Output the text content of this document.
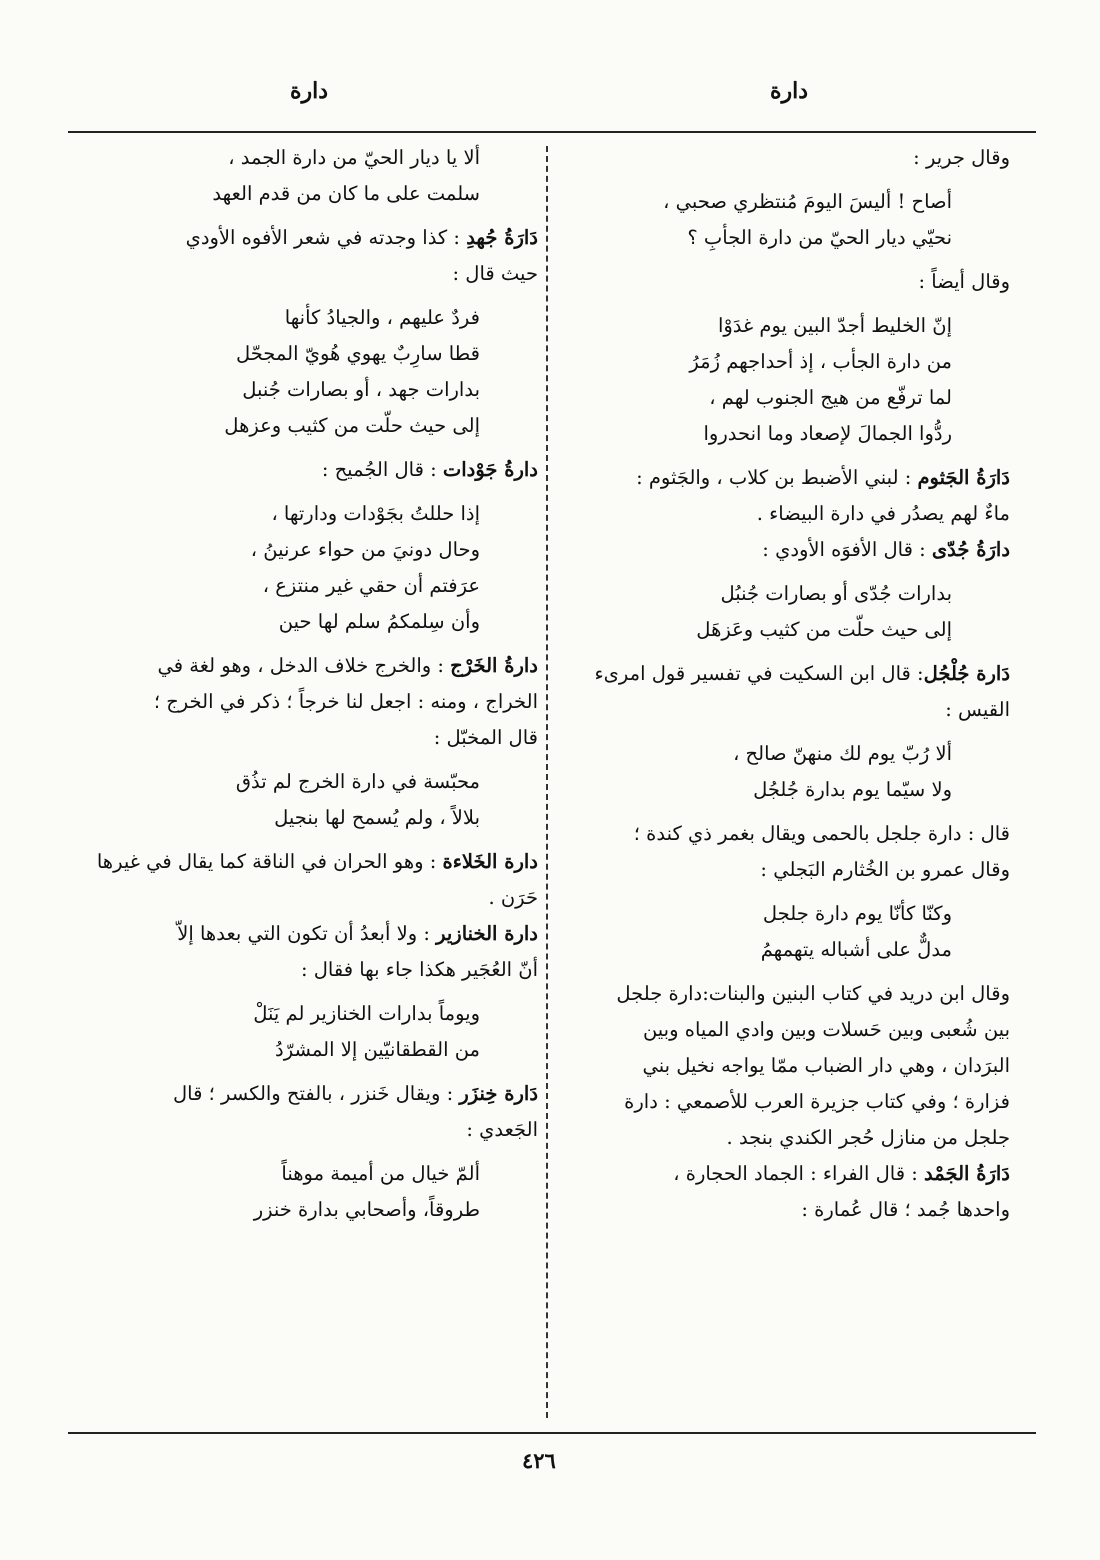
دارة
دارة

وقال جرير :

أصاح ! أليسَ اليومَ مُنتظري صحبي ،

نحيّي ديار الحيّ من دارة الجأبِ ؟

وقال أيضاً :

إنّ الخليط أجدّ البين يوم غدَوْا

من دارة الجأب ، إذ أحداجهم زُمَرُ

لما ترفّع من هيج الجنوب لهم ،

ردُّوا الجمالَ لإصعاد وما انحدروا

دَارَةُ الجَثوم : لبني الأضبط بن كلاب ، والجَثوم :

ماءٌ لهم يصدُر في دارة البيضاء .

دارَةُ جُدّى : قال الأفوَه الأودي :

بدارات جُدّى أو بصارات جُنبُل

إلى حيث حلّت من كثيب وعَزهَل

دَارة جُلْجُل: قال ابن السكيت في تفسير قول امرىء

القيس :

ألا رُبّ يوم لك منهنّ صالح ،

ولا سيّما يوم بدارة جُلجُل

قال : دارة جلجل بالحمى ويقال بغمر ذي كندة ؛

وقال عمرو بن الخُثارم البَجلي :

وكنّا كأنّا يوم دارة جلجل

مدلٌّ على أشباله يتهمهمُ

وقال ابن دريد في كتاب البنين والبنات:دارة جلجل

بين شُعبى وبين حَسلات وبين وادي المياه وبين

البرَدان ، وهي دار الضباب ممّا يواجه نخيل بني

فزارة ؛ وفي كتاب جزيرة العرب للأصمعي : دارة

جلجل من منازل حُجر الكندي بنجد .

دَارَةُ الجَمْد : قال الفراء : الجماد الحجارة ،

واحدها جُمد ؛ قال عُمارة :

ألا يا ديار الحيّ من دارة الجمد ،

سلمت على ما كان من قدم العهد

دَارَةُ جُهدِ : كذا وجدته في شعر الأفوه الأودي

حيث قال :

فردٌ عليهم ، والجيادُ كأنها

قطا سارِبٌ يهوي هُويّ المجحّل

بدارات جهد ، أو بصارات جُنبل

إلى حيث حلّت من كثيب وعزهل

دارةُ جَوْدات : قال الجُميح :

إذا حللتُ بجَوْدات ودارتها ،

وحال دونيَ من حواء عرنينُ ،

عرَفتم أن حقي غير منتزع ،

وأن سِلمكمُ سلم لها حين

دارةُ الخَرْج : والخرج خلاف الدخل ، وهو لغة في

الخراج ، ومنه : اجعل لنا خرجاً ؛ ذكر في الخرج ؛

قال المخبّل :

محبّسة في دارة الخرج لم تذُق

بلالاً ، ولم يُسمح لها بنجيل

دارة الخَلاءة : وهو الحران في الناقة كما يقال في غيرها

حَرَن .

دارة الخنازير : ولا أبعدُ أن تكون التي بعدها إلاّ

أنّ العُجَير هكذا جاء بها فقال :

ويوماً بدارات الخنازير لم يَنَلْ

من القطقانيّين إلا المشرّدُ

دَارة خِنزَر : ويقال خَنزر ، بالفتح والكسر ؛ قال

الجَعدي :

ألمّ خيال من أميمة موهناً

طروقاً، وأصحابي بدارة خنزر

٤٢٦
